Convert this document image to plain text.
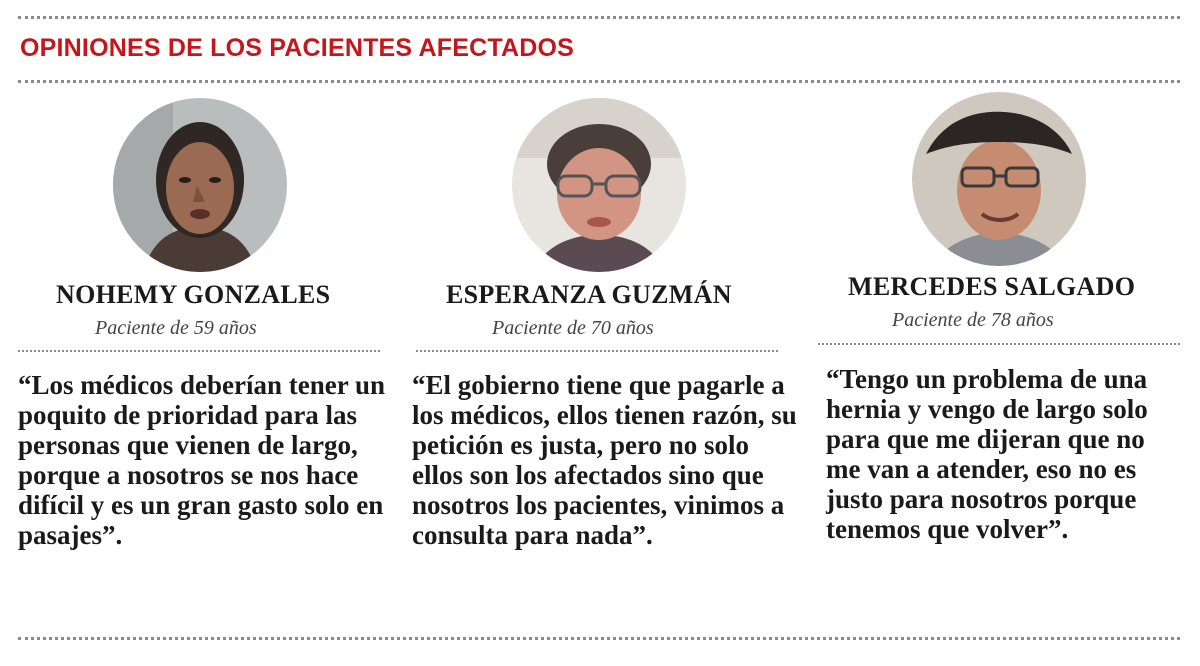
OPINIONES DE LOS PACIENTES AFECTADOS
NOHEMY GONZALES
Paciente de 59 años

“Los médicos deberían tener un poquito de prioridad para las personas que vienen de largo, porque a nosotros se nos hace difícil y es un gran gasto solo en pasajes”.

ESPERANZA GUZMÁN
Paciente de 70 años

“El gobierno tiene que pagarle a los médicos, ellos tienen razón, su petición es justa, pero no solo ellos son los afectados sino que nosotros los pacientes, vinimos a consulta para nada”.

MERCEDES SALGADO
Paciente de 78 años

“Tengo un problema de una hernia y vengo de largo solo para que me dijeran que no me van a atender, eso no es justo para nosotros porque tenemos que volver”.
